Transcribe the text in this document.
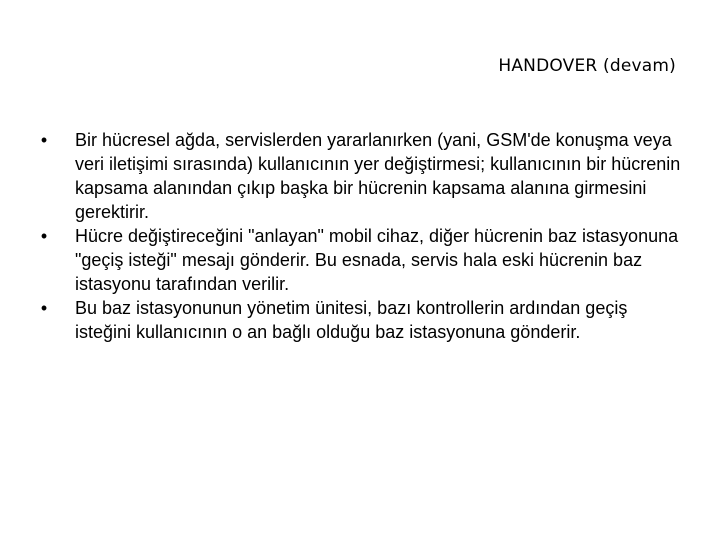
HANDOVER (devam)
•	Bir hücresel ağda, servislerden yararlanırken (yani, GSM'de konuşma veya veri iletişimi sırasında) kullanıcının yer değiştirmesi; kullanıcının bir hücrenin kapsama alanından çıkıp başka bir hücrenin kapsama alanına girmesini gerektirir.
•	Hücre değiştireceğini "anlayan" mobil cihaz, diğer hücrenin baz istasyonuna "geçiş isteği" mesajı gönderir. Bu esnada, servis hala eski hücrenin baz istasyonu tarafından verilir.
•	Bu baz istasyonunun yönetim ünitesi, bazı kontrollerin ardından geçiş isteğini kullanıcının o an bağlı olduğu baz istasyonuna gönderir.
